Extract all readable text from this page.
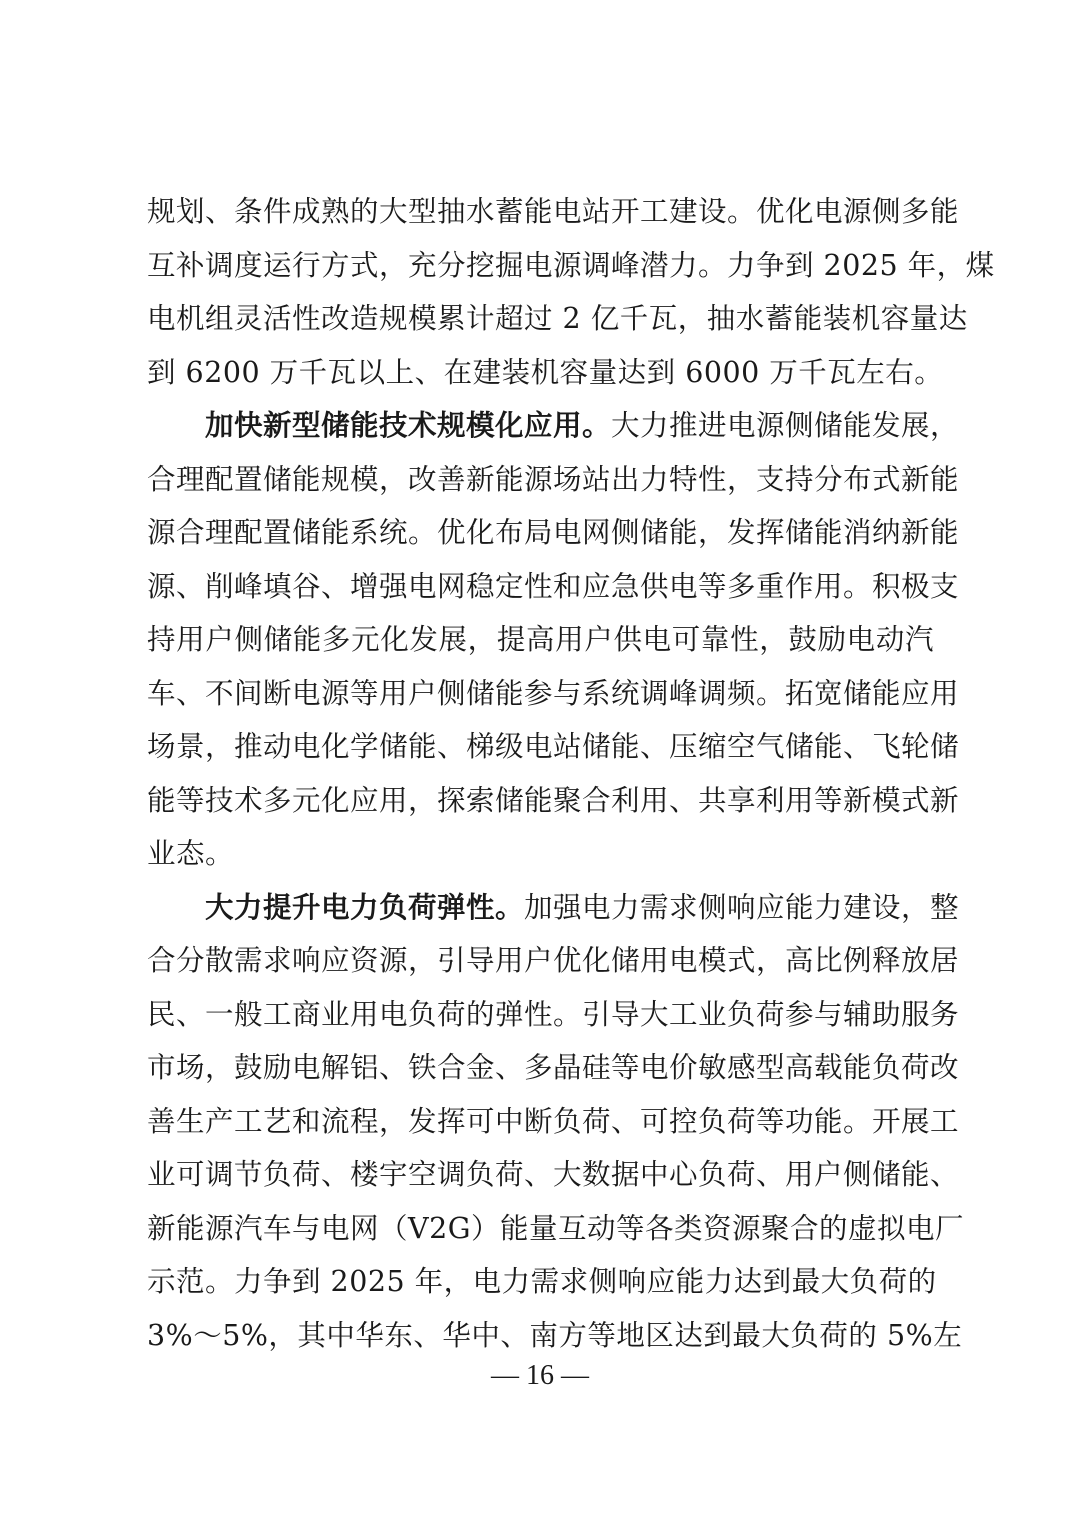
规划、条件成熟的大型抽水蓄能电站开工建设。优化电源侧多能
互补调度运行方式，充分挖掘电源调峰潜力。力争到 2025 年，煤
电机组灵活性改造规模累计超过 2 亿千瓦，抽水蓄能装机容量达
到 6200 万千瓦以上、在建装机容量达到 6000 万千瓦左右。
加快新型储能技术规模化应用。大力推进电源侧储能发展，
合理配置储能规模，改善新能源场站出力特性，支持分布式新能
源合理配置储能系统。优化布局电网侧储能，发挥储能消纳新能
源、削峰填谷、增强电网稳定性和应急供电等多重作用。积极支
持用户侧储能多元化发展，提高用户供电可靠性，鼓励电动汽
车、不间断电源等用户侧储能参与系统调峰调频。拓宽储能应用
场景，推动电化学储能、梯级电站储能、压缩空气储能、飞轮储
能等技术多元化应用，探索储能聚合利用、共享利用等新模式新
业态。
大力提升电力负荷弹性。加强电力需求侧响应能力建设，整
合分散需求响应资源，引导用户优化储用电模式，高比例释放居
民、一般工商业用电负荷的弹性。引导大工业负荷参与辅助服务
市场，鼓励电解铝、铁合金、多晶硅等电价敏感型高载能负荷改
善生产工艺和流程，发挥可中断负荷、可控负荷等功能。开展工
业可调节负荷、楼宇空调负荷、大数据中心负荷、用户侧储能、
新能源汽车与电网（V2G）能量互动等各类资源聚合的虚拟电厂
示范。力争到 2025 年，电力需求侧响应能力达到最大负荷的
3%～5%，其中华东、华中、南方等地区达到最大负荷的 5%左
— 16 —
